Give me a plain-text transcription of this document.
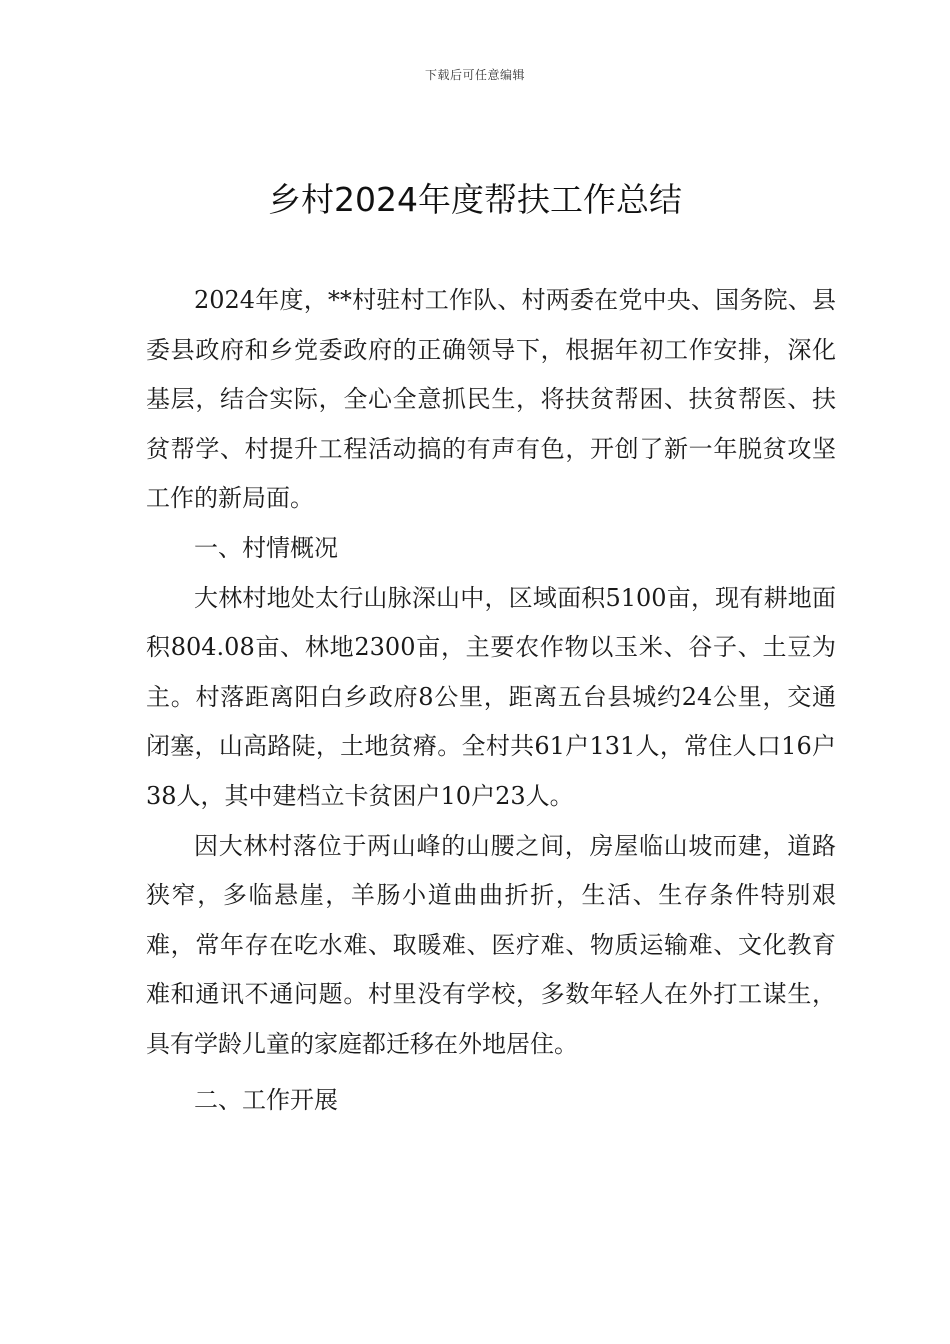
下载后可任意编辑
乡村2024年度帮扶工作总结

2024年度，**村驻村工作队、村两委在党中央、国务院、县委县政府和乡党委政府的正确领导下，根据年初工作安排，深化基层，结合实际，全心全意抓民生，将扶贫帮困、扶贫帮医、扶贫帮学、村提升工程活动搞的有声有色，开创了新一年脱贫攻坚工作的新局面。

一、村情概况

大林村地处太行山脉深山中，区域面积5100亩，现有耕地面积804.08亩、林地2300亩，主要农作物以玉米、谷子、土豆为主。村落距离阳白乡政府8公里，距离五台县城约24公里，交通闭塞，山高路陡，土地贫瘠。全村共61户131人，常住人口16户38人，其中建档立卡贫困户10户23人。

因大林村落位于两山峰的山腰之间，房屋临山坡而建，道路狭窄，多临悬崖，羊肠小道曲曲折折，生活、生存条件特别艰难，常年存在吃水难、取暖难、医疗难、物质运输难、文化教育难和通讯不通问题。村里没有学校，多数年轻人在外打工谋生，具有学龄儿童的家庭都迁移在外地居住。

二、工作开展
